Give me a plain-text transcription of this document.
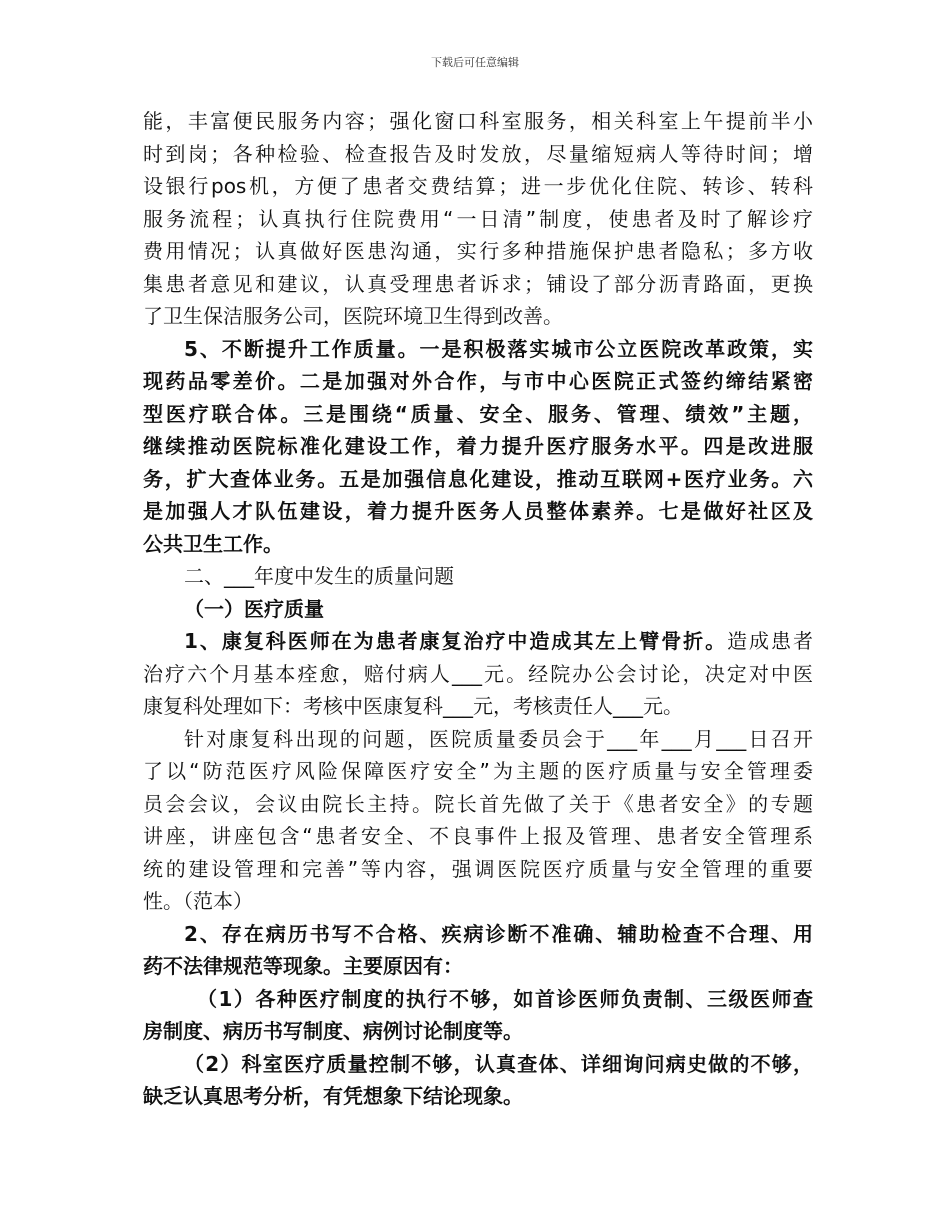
下载后可任意编辑
能，丰富便民服务内容；强化窗口科室服务，相关科室上午提前半小
时到岗；各种检验、检查报告及时发放，尽量缩短病人等待时间；增
设银行pos机，方便了患者交费结算；进一步优化住院、转诊、转科
服务流程；认真执行住院费用“一日清”制度，使患者及时了解诊疗
费用情况；认真做好医患沟通，实行多种措施保护患者隐私；多方收
集患者意见和建议，认真受理患者诉求；铺设了部分沥青路面，更换
了卫生保洁服务公司，医院环境卫生得到改善。
5、不断提升工作质量。一是积极落实城市公立医院改革政策，实
现药品零差价。二是加强对外合作，与市中心医院正式签约缔结紧密
型医疗联合体。三是围绕“质量、安全、服务、管理、绩效”主题，
继续推动医院标准化建设工作，着力提升医疗服务水平。四是改进服
务，扩大查体业务。五是加强信息化建设，推动互联网+医疗业务。六
是加强人才队伍建设，着力提升医务人员整体素养。七是做好社区及
公共卫生工作。
二、___年度中发生的质量问题
（一）医疗质量
1、康复科医师在为患者康复治疗中造成其左上臂骨折。造成患者
治疗六个月基本痊愈，赔付病人___元。经院办公会讨论，决定对中医
康复科处理如下：考核中医康复科___元，考核责任人___元。
针对康复科出现的问题，医院质量委员会于___年___月___日召开
了以“防范医疗风险保障医疗安全”为主题的医疗质量与安全管理委
员会会议，会议由院长主持。院长首先做了关于《患者安全》的专题
讲座，讲座包含“患者安全、不良事件上报及管理、患者安全管理系
统的建设管理和完善”等内容，强调医院医疗质量与安全管理的重要
性。（范本）
2、存在病历书写不合格、疾病诊断不准确、辅助检查不合理、用
药不法律规范等现象。主要原因有：
（1）各种医疗制度的执行不够，如首诊医师负责制、三级医师查
房制度、病历书写制度、病例讨论制度等。
（2）科室医疗质量控制不够，认真查体、详细询问病史做的不够，
缺乏认真思考分析，有凭想象下结论现象。
